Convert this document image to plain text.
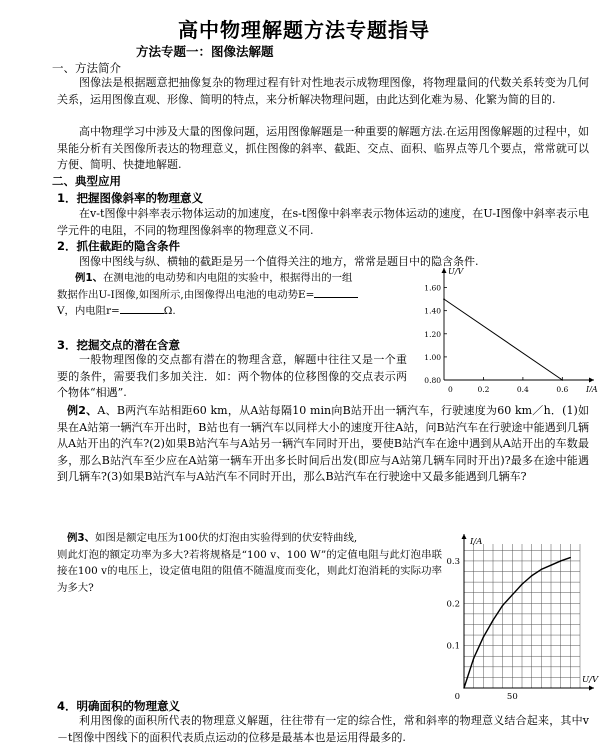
高中物理解题方法专题指导
方法专题一：图像法解题
一、方法简介
图像法是根据题意把抽像复杂的物理过程有针对性地表示成物理图像，将物理量间的代数关系转变为几何关系，运用图像直观、形像、简明的特点，来分析解决物理问题，由此达到化难为易、化繁为简的目的.
高中物理学习中涉及大量的图像问题，运用图像解题是一种重要的解题方法.在运用图像解题的过程中，如果能分析有关图像所表达的物理意义，抓住图像的斜率、截距、交点、面积、临界点等几个要点，常常就可以方便、简明、快捷地解题.
二、典型应用
1．把握图像斜率的物理意义
在v-t图像中斜率表示物体运动的加速度，在s-t图像中斜率表示物体运动的速度，在U-I图像中斜率表示电学元件的电阻，不同的物理图像斜率的物理意义不同.
2．抓住截距的隐含条件
图像中图线与纵、横轴的截距是另一个值得关注的地方，常常是题目中的隐含条件.
例1、在测电池的电动势和内电阻的实验中，根据得出的一组
数据作出U-I图像,如图所示,由图像得出电池的电动势E=
V，内电阻r=	Ω.
U/V
I/A
0
0.80
1.00
1.20
1.40
1.60
0.2	0.4	0.6
3．挖掘交点的潜在含意
一般物理图像的交点都有潜在的物理含意，解题中往往又是一个重要的条件，需要我们多加关注．如：两个物体的位移图像的交点表示两个物体“相遇”.
例2、A、B两汽车站相距60 km，从A站每隔10 min向B站开出一辆汽车，行驶速度为60 km／h．(1)如果在A站第一辆汽车开出时，B站也有一辆汽车以同样大小的速度开往A站，问B站汽车在行驶途中能遇到几辆从A站开出的汽车?(2)如果B站汽车与A站另一辆汽车同时开出，要使B站汽车在途中遇到从A站开出的车数最多，那么B站汽车至少应在A站第一辆车开出多长时间后出发(即应与A站第几辆车同时开出)?最多在途中能遇到几辆车?(3)如果B站汽车与A站汽车不同时开出，那么B站汽车在行驶途中又最多能遇到几辆车?
例3、如图是额定电压为100伏的灯泡由实验得到的伏安特曲线,
则此灯泡的额定功率为多大?若将规格是“100 v、100 W”的定值电阻与此灯泡串联接在100 v的电压上，设定值电阻的阻值不随温度而变化，则此灯泡消耗的实际功率为多大?
I/A
U/V
0
0.1
0.2
0.3
50
4．明确面积的物理意义
利用图像的面积所代表的物理意义解题，往往带有一定的综合性，常和斜率的物理意义结合起来，其中v－t图像中图线下的面积代表质点运动的位移是最基本也是运用得最多的.
